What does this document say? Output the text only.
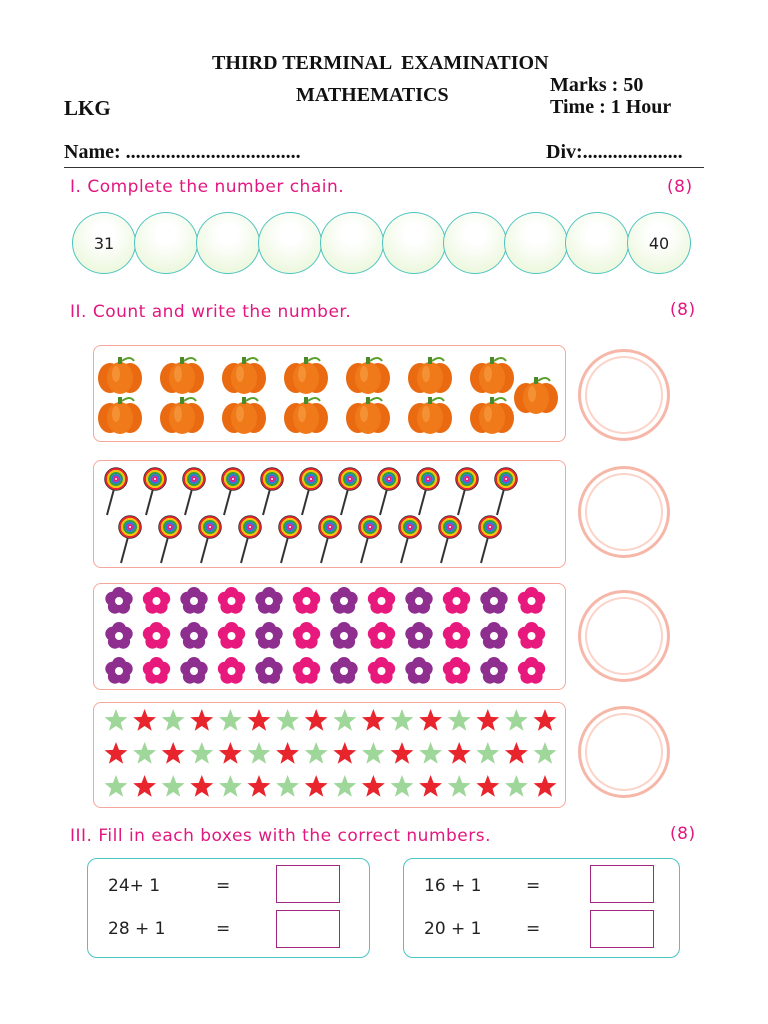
THIRD TERMINAL  EXAMINATION
MATHEMATICS
LKG
Marks : 50
Time : 1 Hour
Name: ...................................	Div:....................
I. Complete the number chain.	(8)
31	40
II. Count and write the number.	(8)
III. Fill in each boxes with the correct numbers.	(8)
24+ 1	=
28 + 1	=
16 + 1	=
20 + 1	=
